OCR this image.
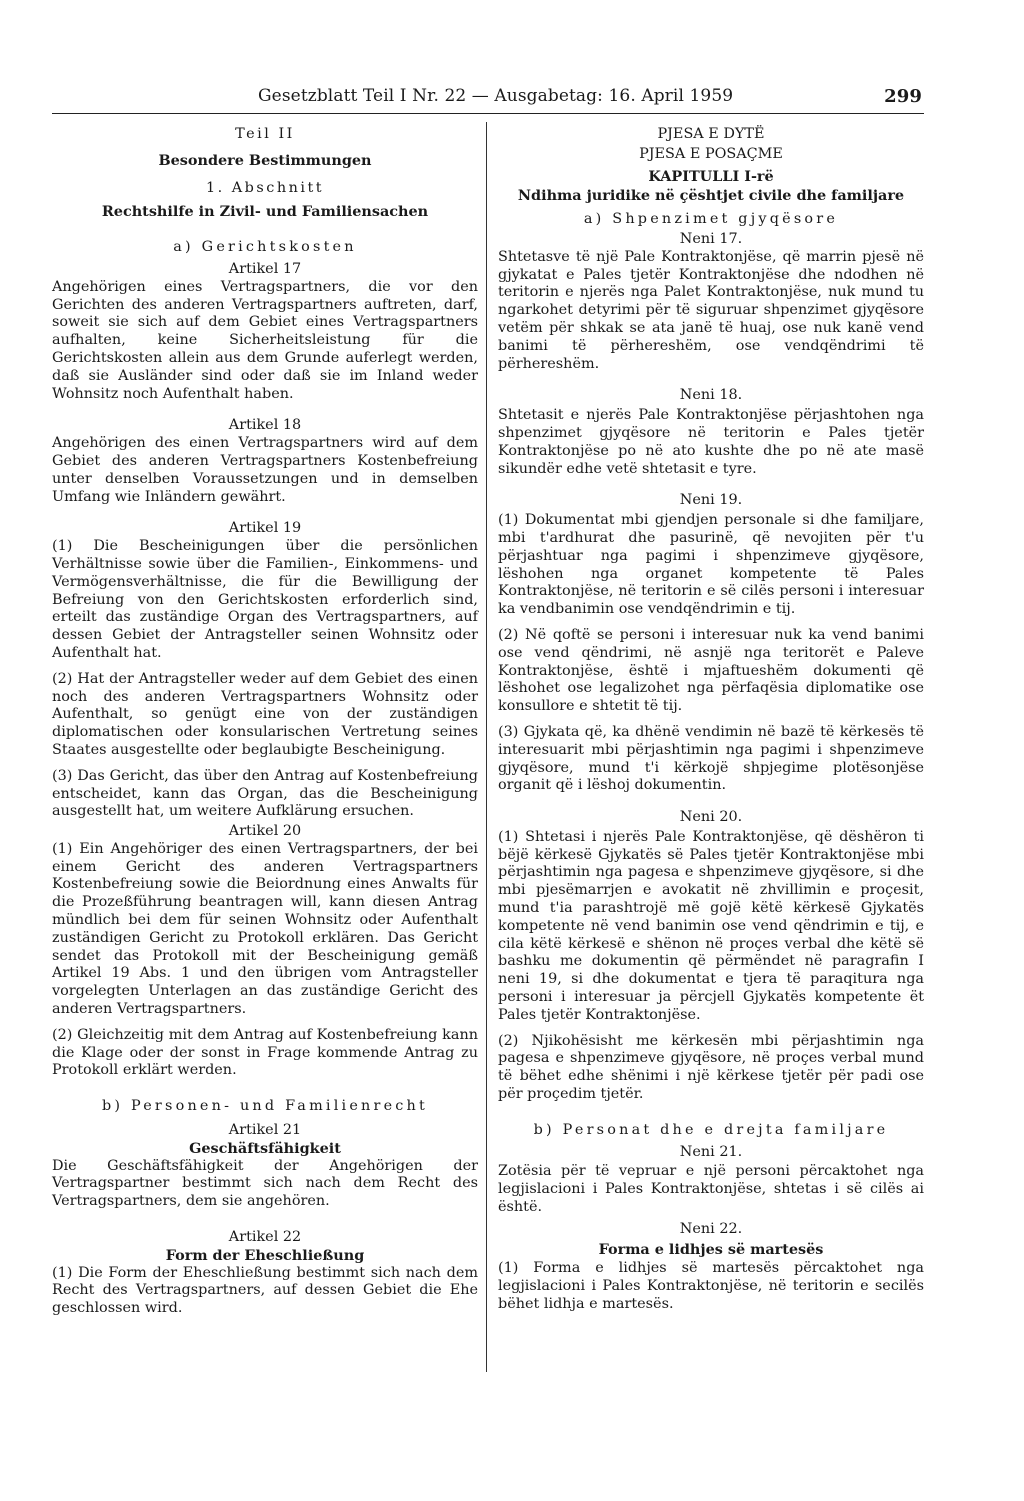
Gesetzblatt Teil I Nr. 22 — Ausgabetag: 16. April 1959	299

Teil II

Besondere Bestimmungen

1. Abschnitt

Rechtshilfe in Zivil- und Familiensachen

a) Gerichtskosten

Artikel 17

Angehörigen eines Vertragspartners, die vor den Gerichten des anderen Vertragspartners auftreten, darf, soweit sie sich auf dem Gebiet eines Vertragspartners aufhalten, keine Sicherheitsleistung für die Gerichtskosten allein aus dem Grunde auferlegt werden, daß sie Ausländer sind oder daß sie im Inland weder Wohnsitz noch Aufenthalt haben.

Artikel 18

Angehörigen des einen Vertragspartners wird auf dem Gebiet des anderen Vertragspartners Kostenbefreiung unter denselben Voraussetzungen und in demselben Umfang wie Inländern gewährt.

Artikel 19

(1) Die Bescheinigungen über die persönlichen Verhältnisse sowie über die Familien-, Einkommens- und Vermögensverhältnisse, die für die Bewilligung der Befreiung von den Gerichtskosten erforderlich sind, erteilt das zuständige Organ des Vertragspartners, auf dessen Gebiet der Antragsteller seinen Wohnsitz oder Aufenthalt hat.

(2) Hat der Antragsteller weder auf dem Gebiet des einen noch des anderen Vertragspartners Wohnsitz oder Aufenthalt, so genügt eine von der zuständigen diplomatischen oder konsularischen Vertretung seines Staates ausgestellte oder beglaubigte Bescheinigung.

(3) Das Gericht, das über den Antrag auf Kostenbefreiung entscheidet, kann das Organ, das die Bescheinigung ausgestellt hat, um weitere Aufklärung ersuchen.

Artikel 20

(1) Ein Angehöriger des einen Vertragspartners, der bei einem Gericht des anderen Vertragspartners Kostenbefreiung sowie die Beiordnung eines Anwalts für die Prozeßführung beantragen will, kann diesen Antrag mündlich bei dem für seinen Wohnsitz oder Aufenthalt zuständigen Gericht zu Protokoll erklären. Das Gericht sendet das Protokoll mit der Bescheinigung gemäß Artikel 19 Abs. 1 und den übrigen vom Antragsteller vorgelegten Unterlagen an das zuständige Gericht des anderen Vertragspartners.

(2) Gleichzeitig mit dem Antrag auf Kostenbefreiung kann die Klage oder der sonst in Frage kommende Antrag zu Protokoll erklärt werden.

b) Personen- und Familienrecht

Artikel 21

Geschäftsfähigkeit

Die Geschäftsfähigkeit der Angehörigen der Vertragspartner bestimmt sich nach dem Recht des Vertragspartners, dem sie angehören.

Artikel 22

Form der Eheschließung

(1) Die Form der Eheschließung bestimmt sich nach dem Recht des Vertragspartners, auf dessen Gebiet die Ehe geschlossen wird.

PJESA E DYTË

PJESA E POSAÇME

KAPITULLI I-rë

Ndihma juridike në çështjet civile dhe familjare

a) Shpenzimet gjyqësore

Neni 17.

Shtetasve të një Pale Kontraktonjëse, që marrin pjesë në gjykatat e Pales tjetër Kontraktonjëse dhe ndodhen në teritorin e njerës nga Palet Kontraktonjëse, nuk mund tu ngarkohet detyrimi për të siguruar shpenzimet gjyqësore vetëm për shkak se ata janë të huaj, ose nuk kanë vend banimi të përhereshëm, ose vendqëndrimi të përhereshëm.

Neni 18.

Shtetasit e njerës Pale Kontraktonjëse përjashtohen nga shpenzimet gjyqësore në teritorin e Pales tjetër Kontraktonjëse po në ato kushte dhe po në ate masë sikundër edhe vetë shtetasit e tyre.

Neni 19.

(1) Dokumentat mbi gjendjen personale si dhe familjare, mbi t'ardhurat dhe pasurinë, që nevojiten për t'u përjashtuar nga pagimi i shpenzimeve gjyqësore, lëshohen nga organet kompetente të Pales Kontraktonjëse, në teritorin e së cilës personi i interesuar ka vendbanimin ose vendqëndrimin e tij.

(2) Në qoftë se personi i interesuar nuk ka vend banimi ose vend qëndrimi, në asnjë nga teritorët e Paleve Kontraktonjëse, është i mjaftueshëm dokumenti që lëshohet ose legalizohet nga përfaqësia diplomatike ose konsullore e shtetit të tij.

(3) Gjykata që, ka dhënë vendimin në bazë të kërkesës të interesuarit mbi përjashtimin nga pagimi i shpenzimeve gjyqësore, mund t'i kërkojë shpjegime plotësonjëse organit që i lëshoj dokumentin.

Neni 20.

(1) Shtetasi i njerës Pale Kontraktonjëse, që dëshëron ti bëjë kërkesë Gjykatës së Pales tjetër Kontraktonjëse mbi përjashtimin nga pagesa e shpenzimeve gjyqësore, si dhe mbi pjesëmarrjen e avokatit në zhvillimin e proçesit, mund t'ia parashtrojë më gojë këtë kërkesë Gjykatës kompetente në vend banimin ose vend qëndrimin e tij, e cila këtë kërkesë e shënon në proçes verbal dhe këtë së bashku me dokumentin që përmëndet në paragrafin I neni 19, si dhe dokumentat e tjera të paraqitura nga personi i interesuar ja përcjell Gjykatës kompetente ët Pales tjetër Kontraktonjëse.

(2) Njikohësisht me kërkesën mbi përjashtimin nga pagesa e shpenzimeve gjyqësore, në proçes verbal mund të bëhet edhe shënimi i një kërkese tjetër për padi ose për proçedim tjetër.

b) Personat dhe e drejta familjare

Neni 21.

Zotësia për të vepruar e një personi përcaktohet nga legjislacioni i Pales Kontraktonjëse, shtetas i së cilës ai është.

Neni 22.

Forma e lidhjes së martesës

(1) Forma e lidhjes së martesës përcaktohet nga legjislacioni i Pales Kontraktonjëse, në teritorin e secilës bëhet lidhja e martesës.
